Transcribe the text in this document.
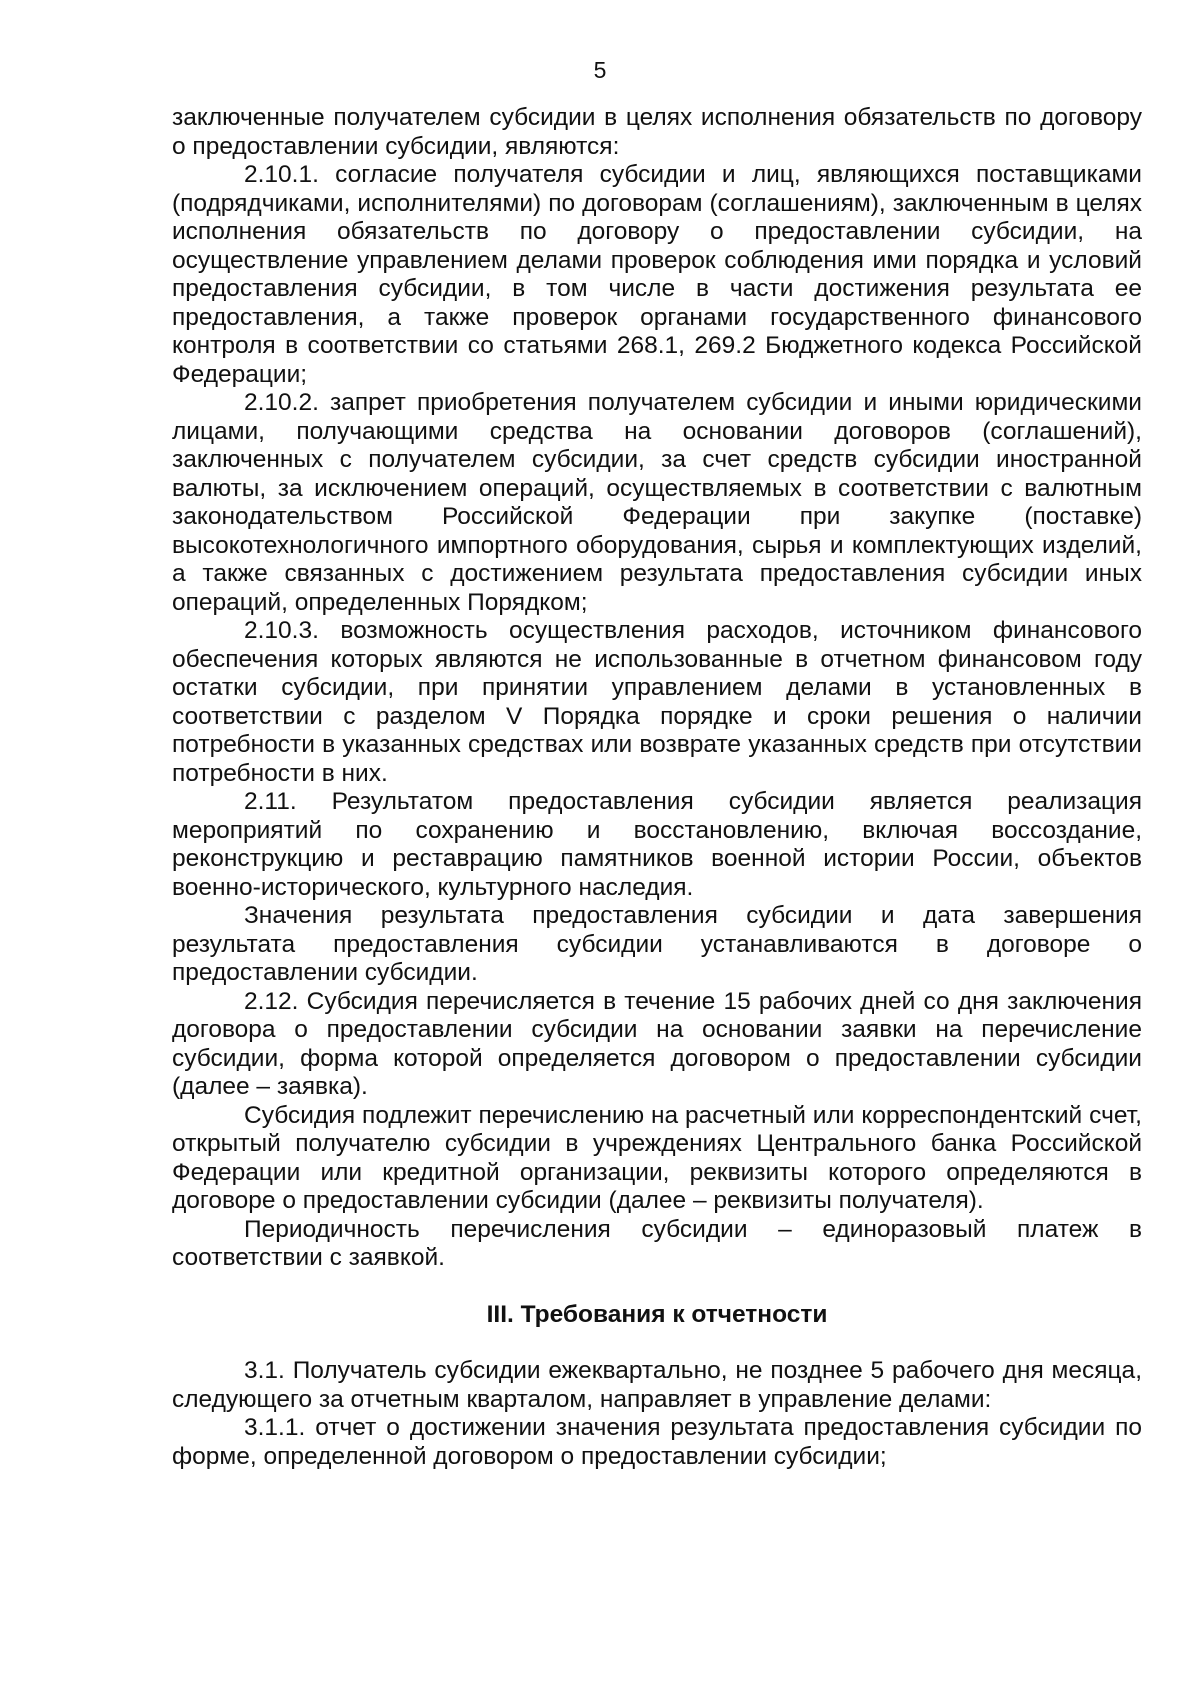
5

заключенные получателем субсидии в целях исполнения обязательств по договору о предоставлении субсидии, являются:

2.10.1. согласие получателя субсидии и лиц, являющихся поставщиками (подрядчиками, исполнителями) по договорам (соглашениям), заключенным в целях исполнения обязательств по договору о предоставлении субсидии, на осуществление управлением делами проверок соблюдения ими порядка и условий предоставления субсидии, в том числе в части достижения результата ее предоставления, а также проверок органами государственного финансового контроля в соответствии со статьями 268.1, 269.2 Бюджетного кодекса Российской Федерации;

2.10.2. запрет приобретения получателем субсидии и иными юридическими лицами, получающими средства на основании договоров (соглашений), заключенных с получателем субсидии, за счет средств субсидии иностранной валюты, за исключением операций, осуществляемых в соответствии с валютным законодательством Российской Федерации при закупке (поставке) высокотехнологичного импортного оборудования, сырья и комплектующих изделий, а также связанных с достижением результата предоставления субсидии иных операций, определенных Порядком;

2.10.3. возможность осуществления расходов, источником финансового обеспечения которых являются не использованные в отчетном финансовом году остатки субсидии, при принятии управлением делами в установленных в соответствии с разделом V Порядка порядке и сроки решения о наличии потребности в указанных средствах или возврате указанных средств при отсутствии потребности в них.

2.11. Результатом предоставления субсидии является реализация мероприятий по сохранению и восстановлению, включая воссоздание, реконструкцию и реставрацию памятников военной истории России, объектов военно-исторического, культурного наследия.

Значения результата предоставления субсидии и дата завершения результата предоставления субсидии устанавливаются в договоре о предоставлении субсидии.

2.12. Субсидия перечисляется в течение 15 рабочих дней со дня заключения договора о предоставлении субсидии на основании заявки на перечисление субсидии, форма которой определяется договором о предоставлении субсидии (далее – заявка).

Субсидия подлежит перечислению на расчетный или корреспондентский счет, открытый получателю субсидии в учреждениях Центрального банка Российской Федерации или кредитной организации, реквизиты которого определяются в договоре о предоставлении субсидии (далее – реквизиты получателя).

Периодичность перечисления субсидии – единоразовый платеж в соответствии с заявкой.

III. Требования к отчетности

3.1. Получатель субсидии ежеквартально, не позднее 5 рабочего дня месяца, следующего за отчетным кварталом, направляет в управление делами:

3.1.1. отчет о достижении значения результата предоставления субсидии по форме, определенной договором о предоставлении субсидии;
